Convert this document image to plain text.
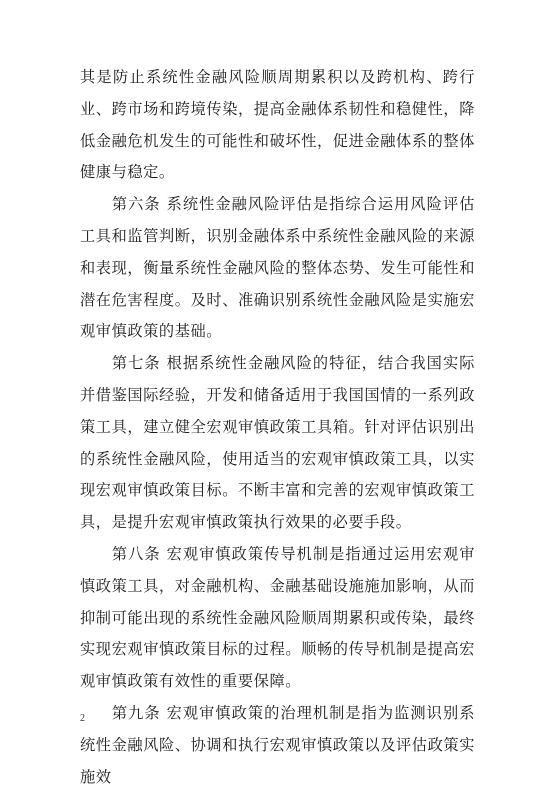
其是防止系统性金融风险顺周期累积以及跨机构、跨行业、跨市场和跨境传染，提高金融体系韧性和稳健性，降低金融危机发生的可能性和破坏性，促进金融体系的整体健康与稳定。

第六条 系统性金融风险评估是指综合运用风险评估工具和监管判断，识别金融体系中系统性金融风险的来源和表现，衡量系统性金融风险的整体态势、发生可能性和潜在危害程度。及时、准确识别系统性金融风险是实施宏观审慎政策的基础。

第七条 根据系统性金融风险的特征，结合我国实际并借鉴国际经验，开发和储备适用于我国国情的一系列政策工具，建立健全宏观审慎政策工具箱。针对评估识别出的系统性金融风险，使用适当的宏观审慎政策工具，以实现宏观审慎政策目标。不断丰富和完善的宏观审慎政策工具，是提升宏观审慎政策执行效果的必要手段。

第八条 宏观审慎政策传导机制是指通过运用宏观审慎政策工具，对金融机构、金融基础设施施加影响，从而抑制可能出现的系统性金融风险顺周期累积或传染，最终实现宏观审慎政策目标的过程。顺畅的传导机制是提高宏观审慎政策有效性的重要保障。

第九条 宏观审慎政策的治理机制是指为监测识别系统性金融风险、协调和执行宏观审慎政策以及评估政策实施效

2
